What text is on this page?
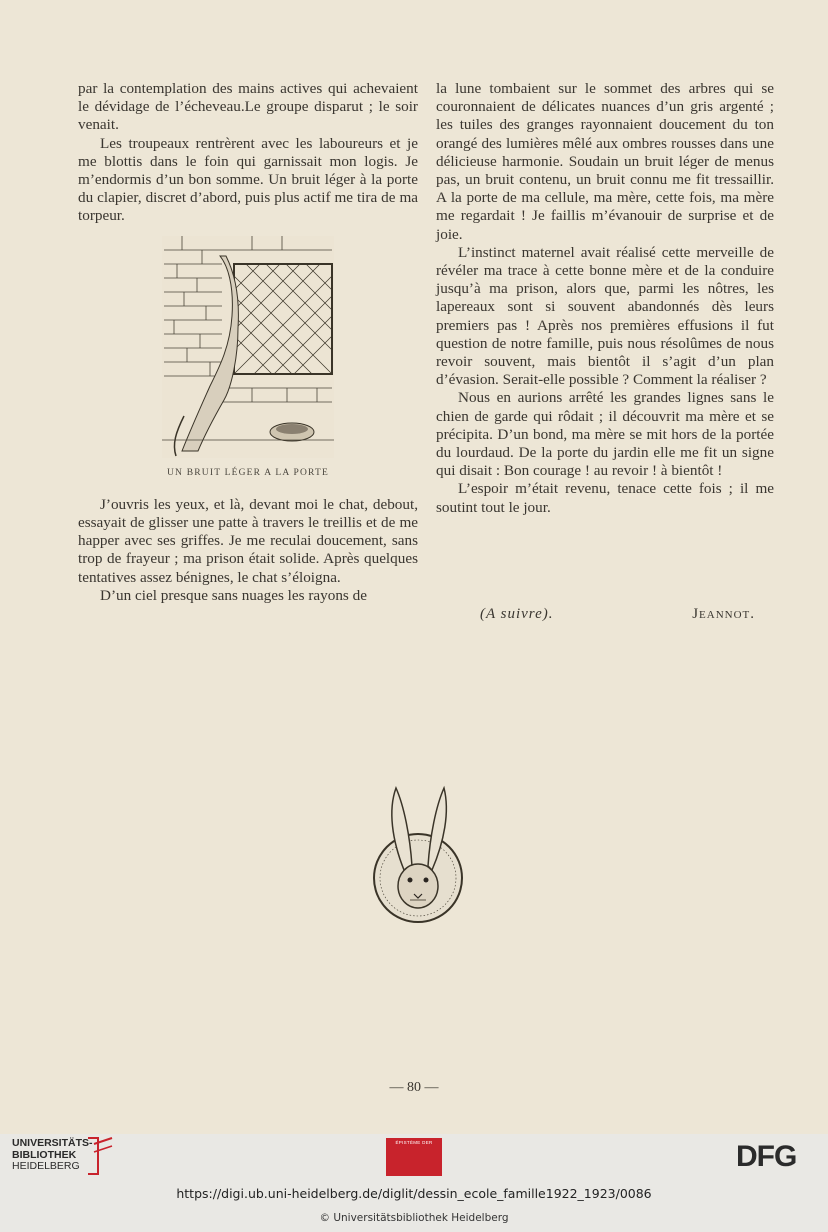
par la contemplation des mains actives qui achevaient le dévidage de l’écheveau.Le groupe disparut ; le soir venait.

Les troupeaux rentrèrent avec les laboureurs et je me blottis dans le foin qui garnissait mon logis. Je m’endormis d’un bon somme. Un bruit léger à la porte du clapier, discret d’abord, puis plus actif me tira de ma torpeur.

UN BRUIT LÉGER A LA PORTE

J’ouvris les yeux, et là, devant moi le chat, debout, essayait de glisser une patte à travers le treillis et de me happer avec ses griffes. Je me reculai doucement, sans trop de frayeur ; ma prison était solide. Après quelques tentatives assez bénignes, le chat s’éloigna.

D’un ciel presque sans nuages les rayons de

la lune tombaient sur le sommet des arbres qui se couronnaient de délicates nuances d’un gris argenté ; les tuiles des granges rayonnaient doucement du ton orangé des lumières mêlé aux ombres rousses dans une délicieuse harmonie. Soudain un bruit léger de menus pas, un bruit contenu, un bruit connu me fit tressaillir. A la porte de ma cellule, ma mère, cette fois, ma mère me regardait ! Je faillis m’évanouir de surprise et de joie.

L’instinct maternel avait réalisé cette merveille de révéler ma trace à cette bonne mère et de la conduire jusqu’à ma prison, alors que, parmi les nôtres, les lapereaux sont si souvent abandonnés dès leurs premiers pas ! Après nos premières effusions il fut question de notre famille, puis nous résolûmes de nous revoir souvent, mais bientôt il s’agit d’un plan d’évasion. Serait-elle possible ? Comment la réaliser ?

Nous en aurions arrêté les grandes lignes sans le chien de garde qui rôdait ; il découvrit ma mère et se précipita. D’un bond, ma mère se mit hors de la portée du lourdaud. De la porte du jardin elle me fit un signe qui disait : Bon courage ! au revoir ! à bientôt !

L’espoir m’était revenu, tenace cette fois ; il me soutint tout le jour.

(A suivre).	Jeannot.
— 80 —
UNIVERSITÄTS-
BIBLIOTHEK
HEIDELBERG
ÉPISTÈME DER	DFG
https://digi.ub.uni-heidelberg.de/diglit/dessin_ecole_famille1922_1923/0086
© Universitätsbibliothek Heidelberg
